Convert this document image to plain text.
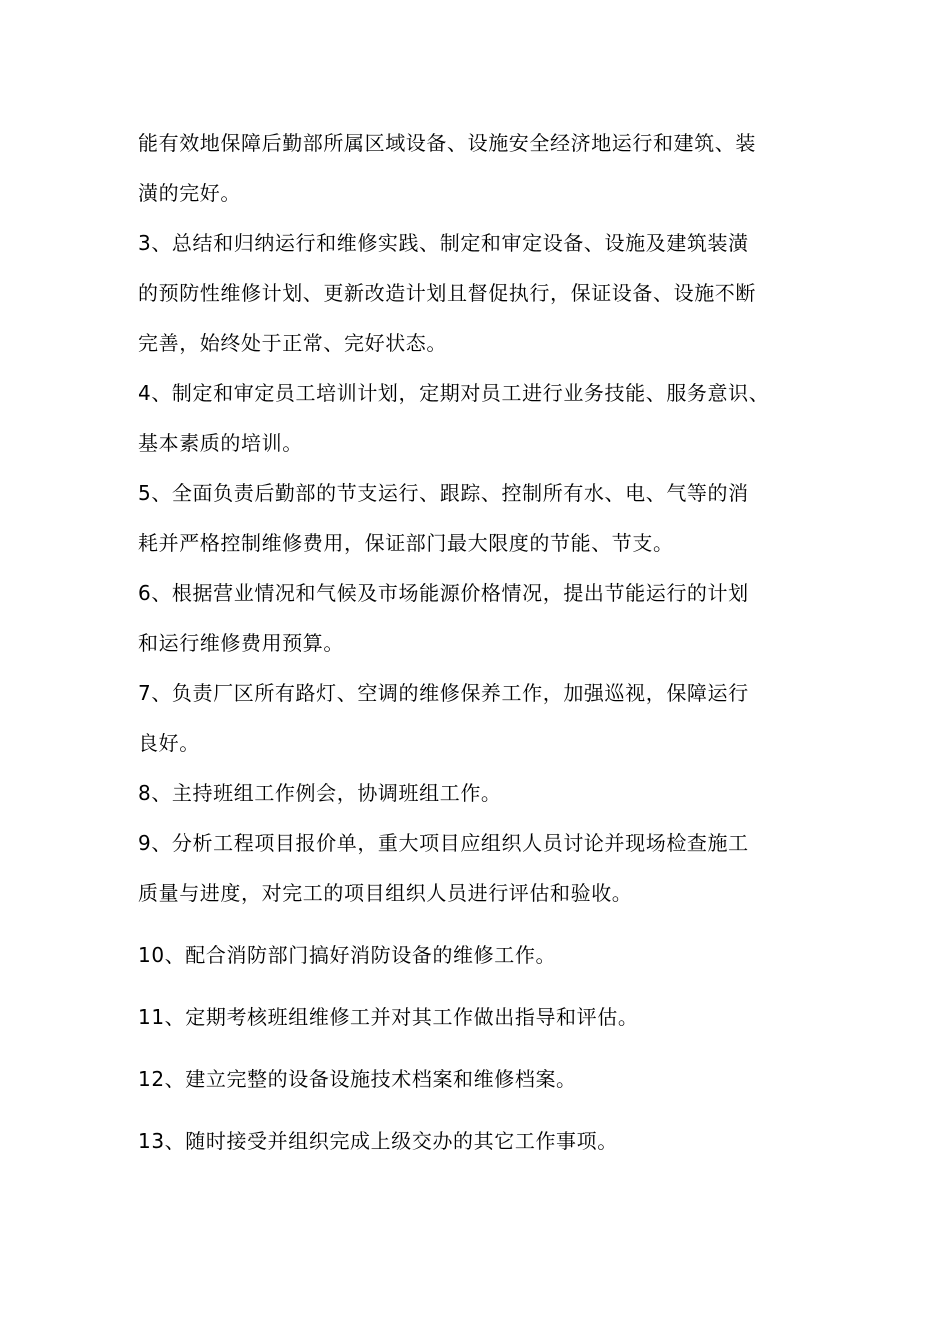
能有效地保障后勤部所属区域设备、设施安全经济地运行和建筑、装
潢的完好。
3、总结和归纳运行和维修实践、制定和审定设备、设施及建筑装潢
的预防性维修计划、更新改造计划且督促执行，保证设备、设施不断
完善，始终处于正常、完好状态。
4、制定和审定员工培训计划，定期对员工进行业务技能、服务意识、
基本素质的培训。
5、全面负责后勤部的节支运行、跟踪、控制所有水、电、气等的消
耗并严格控制维修费用，保证部门最大限度的节能、节支。
6、根据营业情况和气候及市场能源价格情况，提出节能运行的计划
和运行维修费用预算。
7、负责厂区所有路灯、空调的维修保养工作，加强巡视，保障运行
良好。
8、主持班组工作例会，协调班组工作。
9、分析工程项目报价单，重大项目应组织人员讨论并现场检查施工
质量与进度，对完工的项目组织人员进行评估和验收。
10、配合消防部门搞好消防设备的维修工作。
11、定期考核班组维修工并对其工作做出指导和评估。
12、建立完整的设备设施技术档案和维修档案。
13、随时接受并组织完成上级交办的其它工作事项。
